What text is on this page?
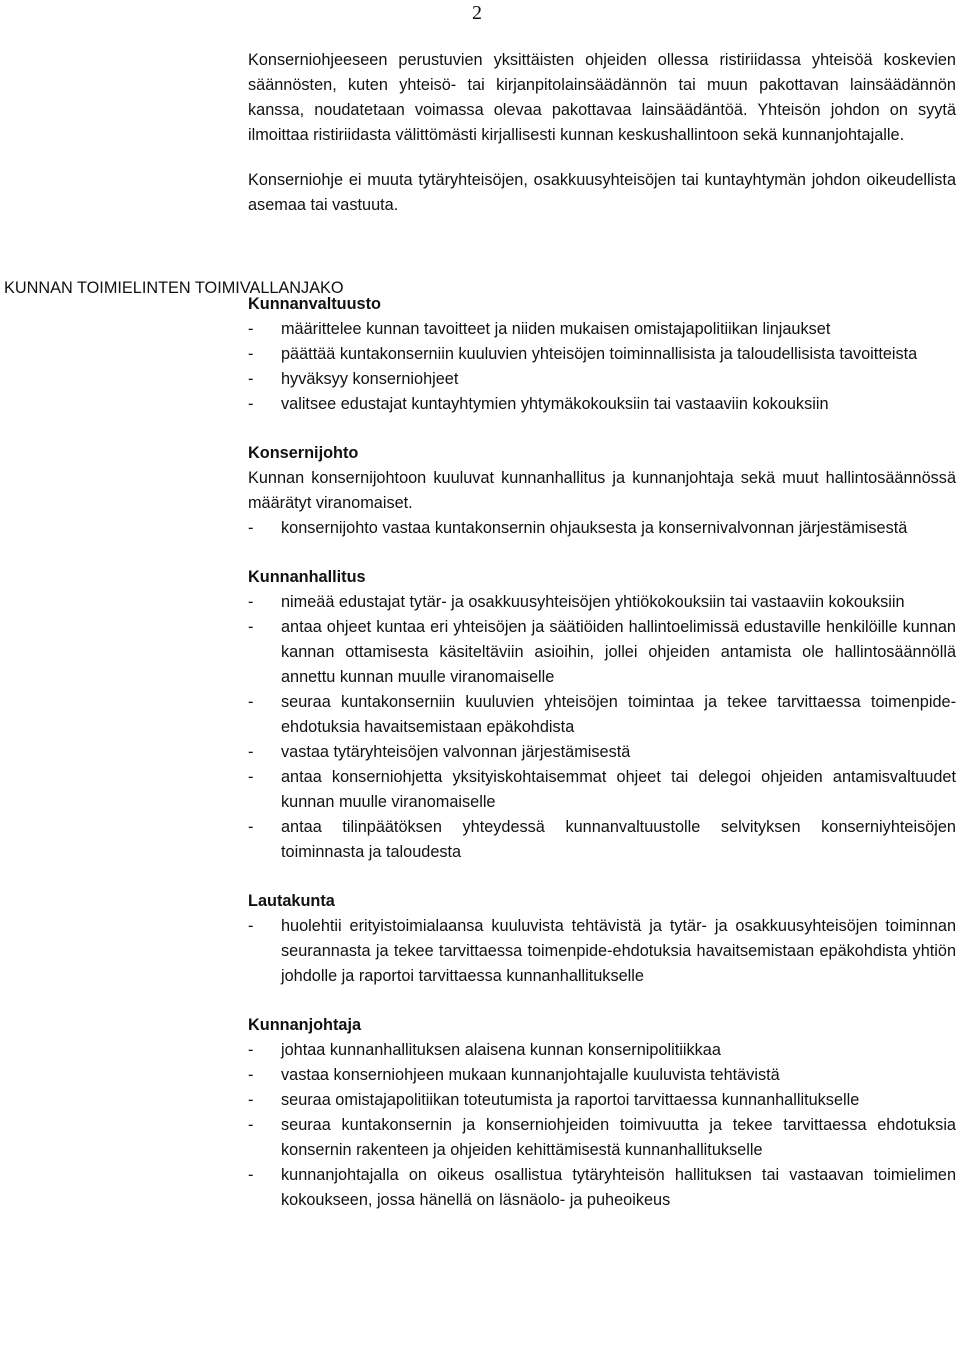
2
KUNNAN TOIMIELINTEN TOIMIVALLANJAKO

Konserniohjeeseen perustuvien yksittäisten ohjeiden ollessa ristiriidassa yhteisöä koskevien säännösten, kuten yhteisö- tai kirjanpitolainsäädännön tai muun pakottavan lainsäädännön kanssa, noudatetaan voimassa olevaa pakottavaa lainsäädäntöä. Yhteisön johdon on syytä ilmoittaa ristiriidasta välittömästi kirjallisesti kunnan keskushallintoon sekä kunnanjohtajalle.

Konserniohje ei muuta tytäryhteisöjen, osakkuusyhteisöjen tai kuntayhtymän johdon oikeudellista asemaa tai vastuuta.

Kunnanvaltuusto
- määrittelee kunnan tavoitteet ja niiden mukaisen omistajapolitiikan linjaukset
- päättää kuntakonserniin kuuluvien yhteisöjen toiminnallisista ja taloudellisista tavoitteista
- hyväksyy konserniohjeet
- valitsee edustajat kuntayhtymien yhtymäkokouksiin tai vastaaviin kokouksiin
Konsernijohto

Kunnan konsernijohtoon kuuluvat kunnanhallitus ja kunnanjohtaja sekä muut hallintosäännössä määrätyt viranomaiset.

- konsernijohto vastaa kuntakonsernin ohjauksesta ja konsernivalvonnan järjestämisestä
Kunnanhallitus
- nimeää edustajat tytär- ja osakkuusyhteisöjen yhtiökokouksiin tai vastaaviin kokouksiin
- antaa ohjeet kuntaa eri yhteisöjen ja säätiöiden hallintoelimissä edustaville henkilöille kunnan kannan ottamisesta käsiteltäviin asioihin, jollei ohjeiden antamista ole hallintosäännöllä annettu kunnan muulle viranomaiselle
- seuraa kuntakonserniin kuuluvien yhteisöjen toimintaa ja tekee tarvittaessa toimenpide-ehdotuksia havaitsemistaan epäkohdista
- vastaa tytäryhteisöjen valvonnan järjestämisestä
- antaa konserniohjetta yksityiskohtaisemmat ohjeet tai delegoi ohjeiden antamisvaltuudet kunnan muulle viranomaiselle
- antaa tilinpäätöksen yhteydessä kunnanvaltuustolle selvityksen konserniyhteisöjen toiminnasta ja taloudesta
Lautakunta
- huolehtii erityistoimialaansa kuuluvista tehtävistä ja tytär- ja osakkuusyhteisöjen toiminnan seurannasta ja tekee tarvittaessa toimenpide-ehdotuksia havaitsemistaan epäkohdista yhtiön johdolle ja raportoi tarvittaessa kunnanhallitukselle
Kunnanjohtaja
- johtaa kunnanhallituksen alaisena kunnan konsernipolitiikkaa
- vastaa konserniohjeen mukaan kunnanjohtajalle kuuluvista tehtävistä
- seuraa omistajapolitiikan toteutumista ja raportoi tarvittaessa kunnanhallitukselle
- seuraa kuntakonsernin ja konserniohjeiden toimivuutta ja tekee tarvittaessa ehdotuksia konsernin rakenteen ja ohjeiden kehittämisestä kunnanhallitukselle
- kunnanjohtajalla on oikeus osallistua tytäryhteisön hallituksen tai vastaavan toimielimen kokoukseen, jossa hänellä on läsnäolo- ja puheoikeus
